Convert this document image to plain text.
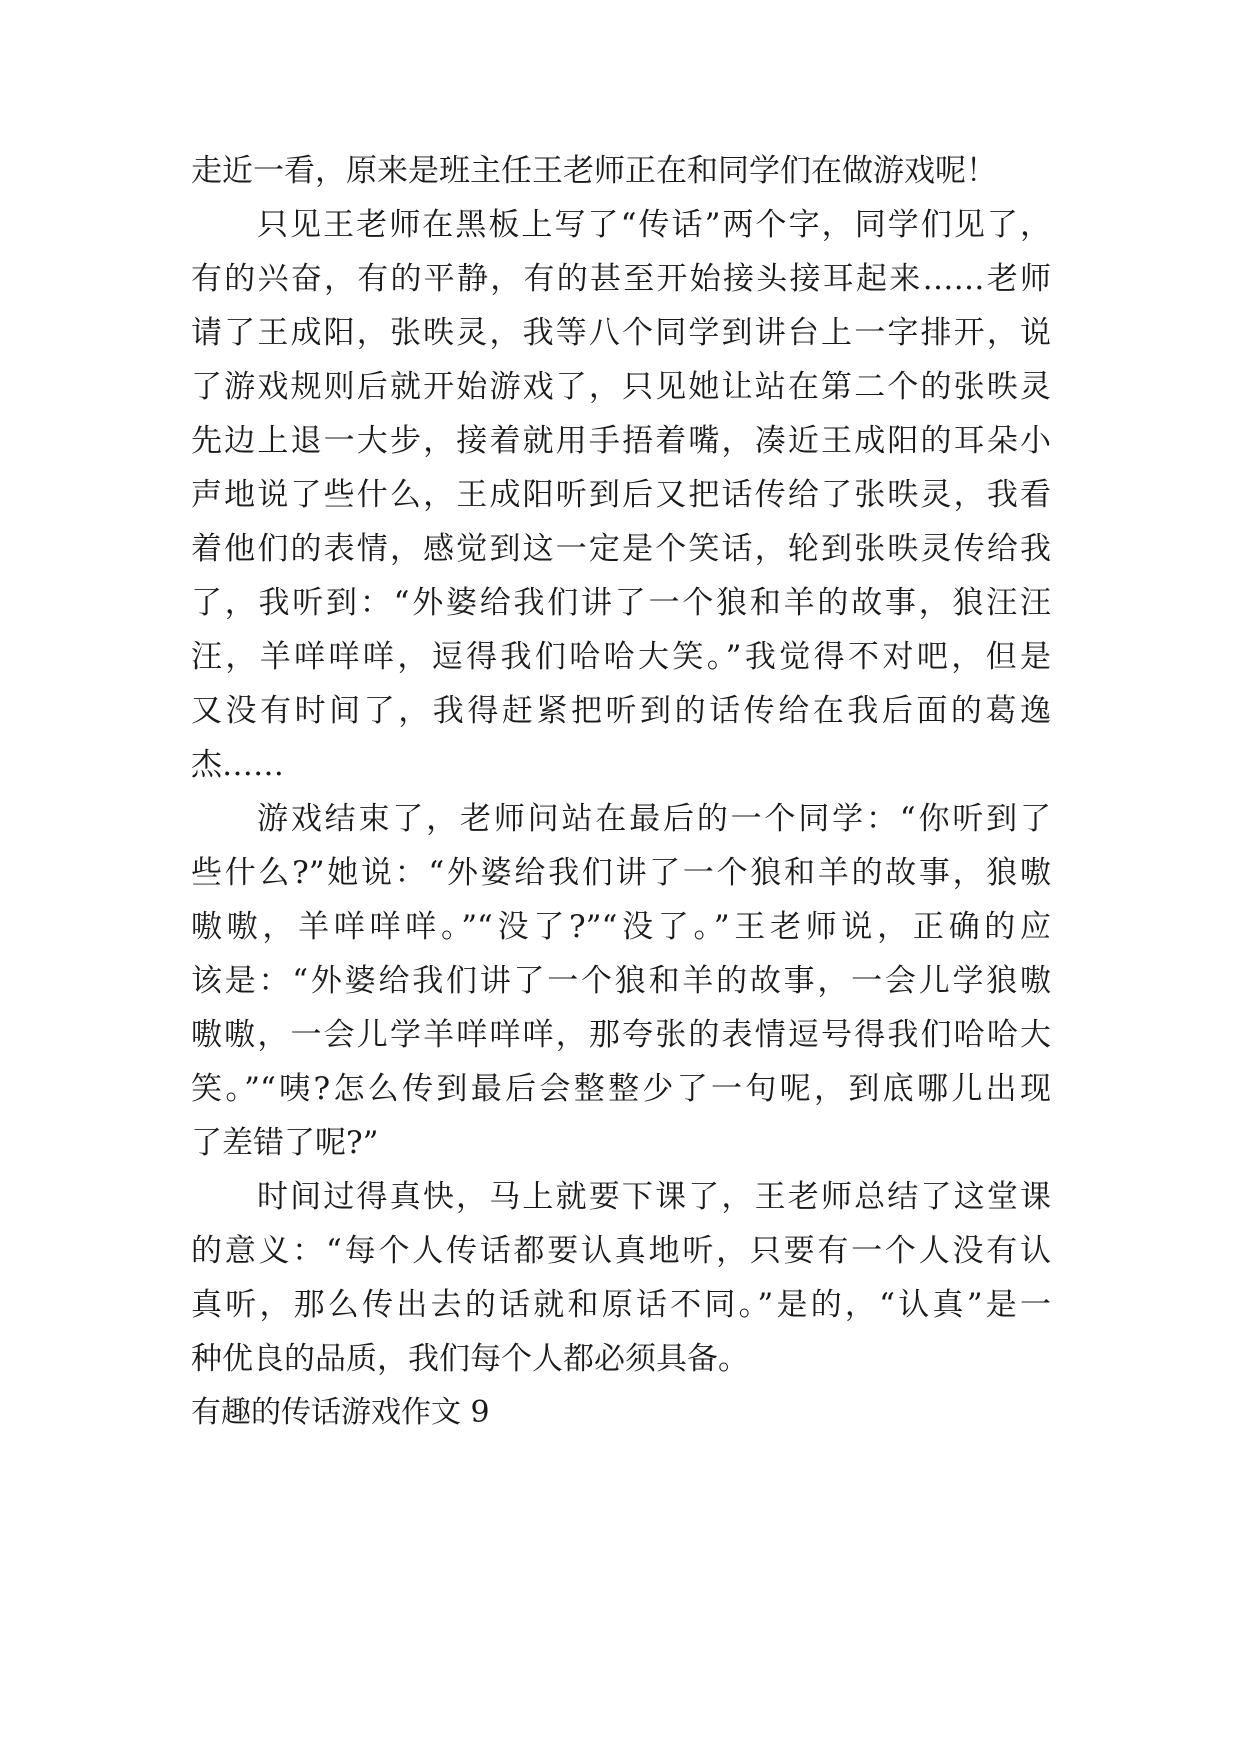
走近一看，原来是班主任王老师正在和同学们在做游戏呢！
只见王老师在黑板上写了“传话”两个字，同学们见了，
有的兴奋，有的平静，有的甚至开始接头接耳起来……老师
请了王成阳，张昳灵，我等八个同学到讲台上一字排开，说
了游戏规则后就开始游戏了，只见她让站在第二个的张昳灵
先边上退一大步，接着就用手捂着嘴，凑近王成阳的耳朵小
声地说了些什么，王成阳听到后又把话传给了张昳灵，我看
着他们的表情，感觉到这一定是个笑话，轮到张昳灵传给我
了，我听到：“外婆给我们讲了一个狼和羊的故事，狼汪汪
汪，羊咩咩咩，逗得我们哈哈大笑。”我觉得不对吧，但是
又没有时间了，我得赶紧把听到的话传给在我后面的葛逸
杰……
游戏结束了，老师问站在最后的一个同学：“你听到了
些什么?”她说：“外婆给我们讲了一个狼和羊的故事，狼嗷
嗷嗷，羊咩咩咩。”“没了?”“没了。”王老师说，正确的应
该是：“外婆给我们讲了一个狼和羊的故事，一会儿学狼嗷
嗷嗷，一会儿学羊咩咩咩，那夸张的表情逗号得我们哈哈大
笑。”“咦?怎么传到最后会整整少了一句呢，到底哪儿出现
了差错了呢?”
时间过得真快，马上就要下课了，王老师总结了这堂课
的意义：“每个人传话都要认真地听，只要有一个人没有认
真听，那么传出去的话就和原话不同。”是的，“认真”是一
种优良的品质，我们每个人都必须具备。
有趣的传话游戏作文 9
